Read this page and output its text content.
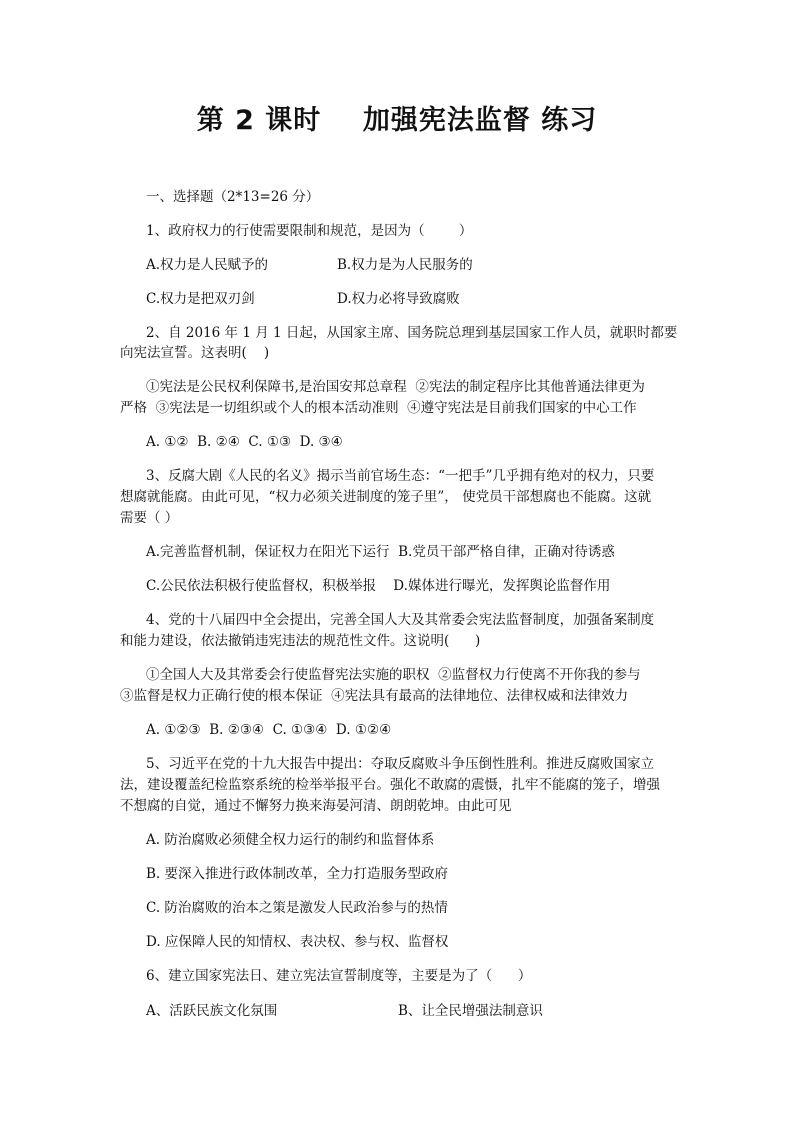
第 2 课时    加强宪法监督 练习
一、选择题（2*13=26 分）
1、政府权力的行使需要限制和规范，是因为（        ）
A.权力是人民赋予的	B.权力是为人民服务的
C.权力是把双刃剑	D.权力必将导致腐败
2、自 2016 年 1 月 1 日起，从国家主席、国务院总理到基层国家工作人员，就职时都要
向宪法宣誓。这表明(    )
①宪法是公民权利保障书,是治国安邦总章程  ②宪法的制定程序比其他普通法律更为
严格  ③宪法是一切组织或个人的根本活动准则  ④遵守宪法是目前我们国家的中心工作
A. ①②  B. ②④  C. ①③  D. ③④
3、反腐大剧《人民的名义》揭示当前官场生态：“一把手”几乎拥有绝对的权力，只要
想腐就能腐。由此可见，“权力必须关进制度的笼子里”， 使党员干部想腐也不能腐。这就
需要（ ）
A.完善监督机制，保证权力在阳光下运行  B.党员干部严格自律，正确对待诱惑
C.公民依法积极行使监督权，积极举报    D.媒体进行曝光，发挥舆论监督作用
4、党的十八届四中全会提出，完善全国人大及其常委会宪法监督制度，加强备案制度
和能力建设，依法撤销违宪违法的规范性文件。这说明(      )
①全国人大及其常委会行使监督宪法实施的职权  ②监督权力行使离不开你我的参与
③监督是权力正确行使的根本保证  ④宪法具有最高的法律地位、法律权威和法律效力
A. ①②③  B. ②③④  C. ①③④  D. ①②④
5、习近平在党的十九大报告中提出：夺取反腐败斗争压倒性胜利。推进反腐败国家立
法，建设覆盖纪检监察系统的检举举报平台。强化不敢腐的震慑，扎牢不能腐的笼子，增强
不想腐的自觉，通过不懈努力换来海晏河清、朗朗乾坤。由此可见
A. 防治腐败必须健全权力运行的制约和监督体系
B. 要深入推进行政体制改革，全力打造服务型政府
C. 防治腐败的治本之策是激发人民政治参与的热情
D. 应保障人民的知情权、表决权、参与权、监督权
6、建立国家宪法日、建立宪法宣誓制度等，主要是为了（      ）
A、活跃民族文化氛围	B、让全民增强法制意识
